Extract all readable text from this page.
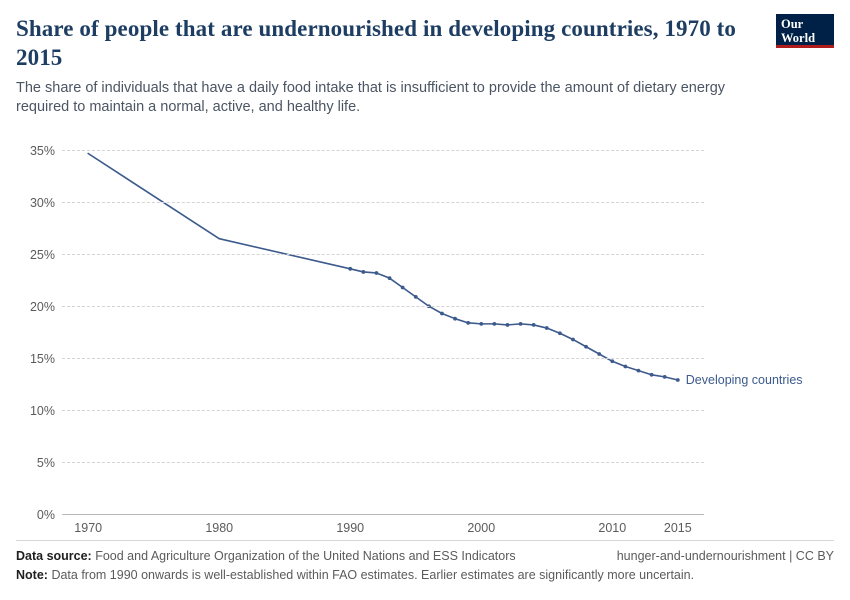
Share of people that are undernourished in developing countries, 1970 to 2015

The share of individuals that have a daily food intake that is insufficient to provide the amount of dietary energy required to maintain a normal, active, and healthy life.

Our World
in Data
0%
5%
10%
15%
20%
25%
30%
35%
1970	1980	1990	2000	2010	2015
Developing countries
Data source: Food and Agriculture Organization of the United Nations and ESS Indicators	hunger-and-undernourishment | CC BY
Note: Data from 1990 onwards is well-established within FAO estimates. Earlier estimates are significantly more uncertain.
